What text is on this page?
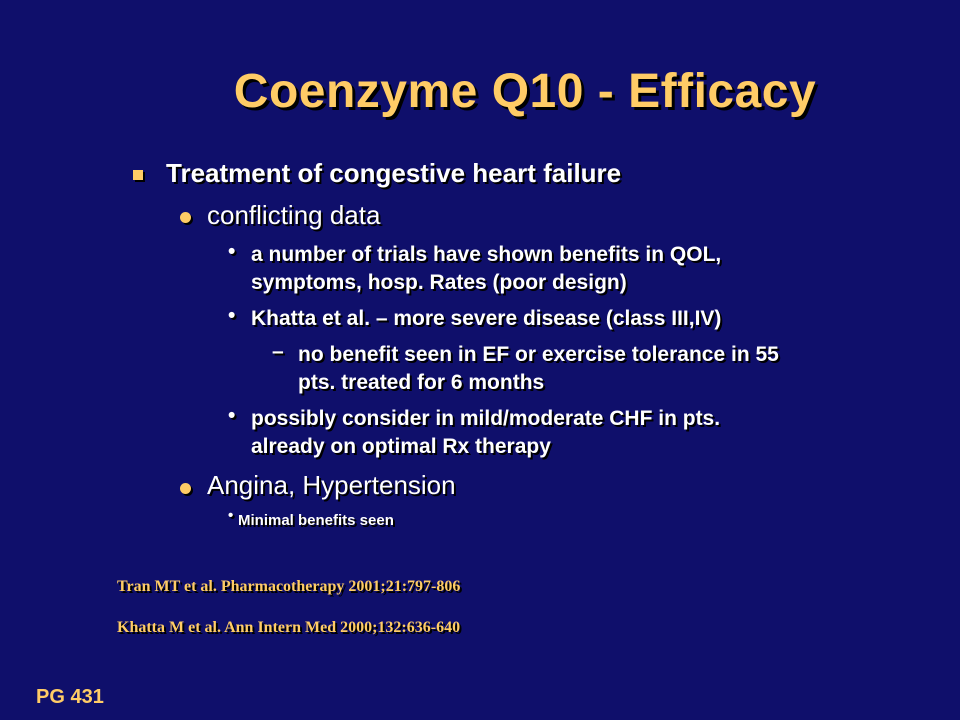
Coenzyme Q10 - Efficacy
Treatment of congestive heart failure
conflicting data
• a number of trials have shown benefits in QOL,
symptoms, hosp. Rates (poor design)
• Khatta et al. – more severe disease (class III,IV)
– no benefit seen in EF or exercise tolerance in 55
pts. treated for 6 months
• possibly consider in mild/moderate CHF in pts.
already on optimal Rx therapy
Angina, Hypertension
• Minimal benefits seen
Tran MT et al. Pharmacotherapy 2001;21:797-806
Khatta M et al. Ann Intern Med 2000;132:636-640
PG 431
